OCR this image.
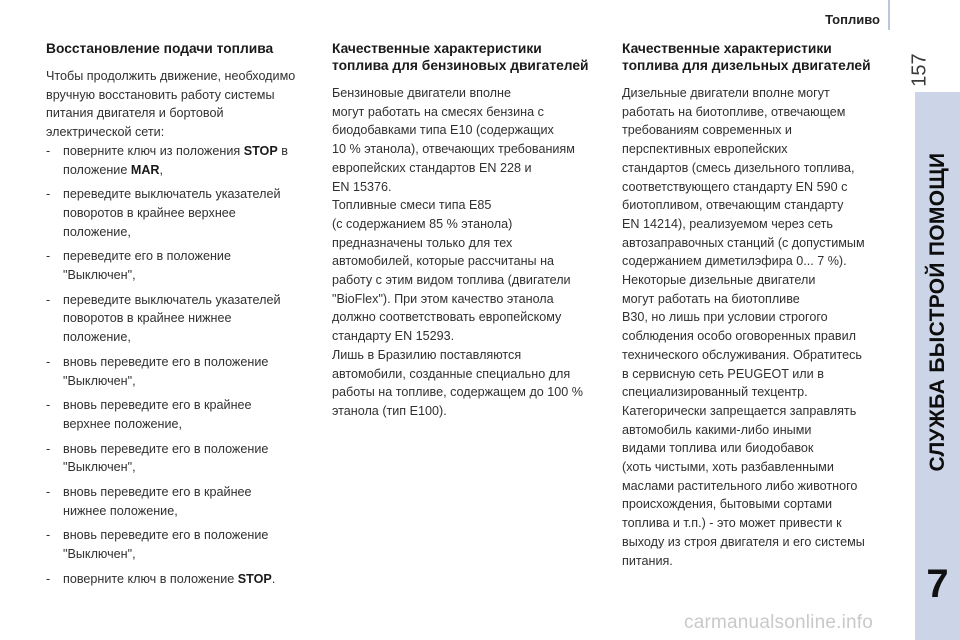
Топливо
157
СЛУЖБА БЫСТРОЙ ПОМОЩИ
7
Восстановление подачи топлива
Чтобы продолжить движение, необходимо
вручную восстановить работу системы
питания двигателя и бортовой
электрической сети:
- поверните ключ из положения STOP в
положение MAR,
- переведите выключатель указателей
поворотов в крайнее верхнее
положение,
- переведите его в положение
"Выключен",
- переведите выключатель указателей
поворотов в крайнее нижнее
положение,
- вновь переведите его в положение
"Выключен",
- вновь переведите его в крайнее
верхнее положение,
- вновь переведите его в положение
"Выключен",
- вновь переведите его в крайнее
нижнее положение,
- вновь переведите его в положение
"Выключен",
- поверните ключ в положение STOP.
Качественные характеристики
топлива для бензиновых двигателей
Бензиновые двигатели вполне
могут работать на смесях бензина с
биодобавками типа E10 (содержащих
10 % этанола), отвечающих требованиям
европейских стандартов EN 228 и
EN 15376.
Топливные смеси типа E85
(с содержанием 85 % этанола)
предназначены только для тех
автомобилей, которые рассчитаны на
работу с этим видом топлива (двигатели
"BioFlex"). При этом качество этанола
должно соответствовать европейскому
стандарту EN 15293.
Лишь в Бразилию поставляются
автомобили, созданные специально для
работы на топливе, содержащем до 100 %
этанола (тип E100).
Качественные характеристики
топлива для дизельных двигателей
Дизельные двигатели вполне могут
работать на биотопливе, отвечающем
требованиям современных и
перспективных европейских
стандартов (смесь дизельного топлива,
соответствующего стандарту EN 590 с
биотопливом, отвечающим стандарту
EN 14214), реализуемом через сеть
автозаправочных станций (с допустимым
содержанием диметилэфира 0... 7 %).
Некоторые дизельные двигатели
могут работать на биотопливе
B30, но лишь при условии строгого
соблюдения особо оговоренных правил
технического обслуживания. Обратитесь
в сервисную сеть PEUGEOT или в
специализированный техцентр.
Категорически запрещается заправлять
автомобиль какими-либо иными
видами топлива или биодобавок
(хоть чистыми, хоть разбавленными
маслами растительного либо животного
происхождения, бытовыми сортами
топлива и т.п.) - это может привести к
выходу из строя двигателя и его системы
питания.
carmanualsonline.info
